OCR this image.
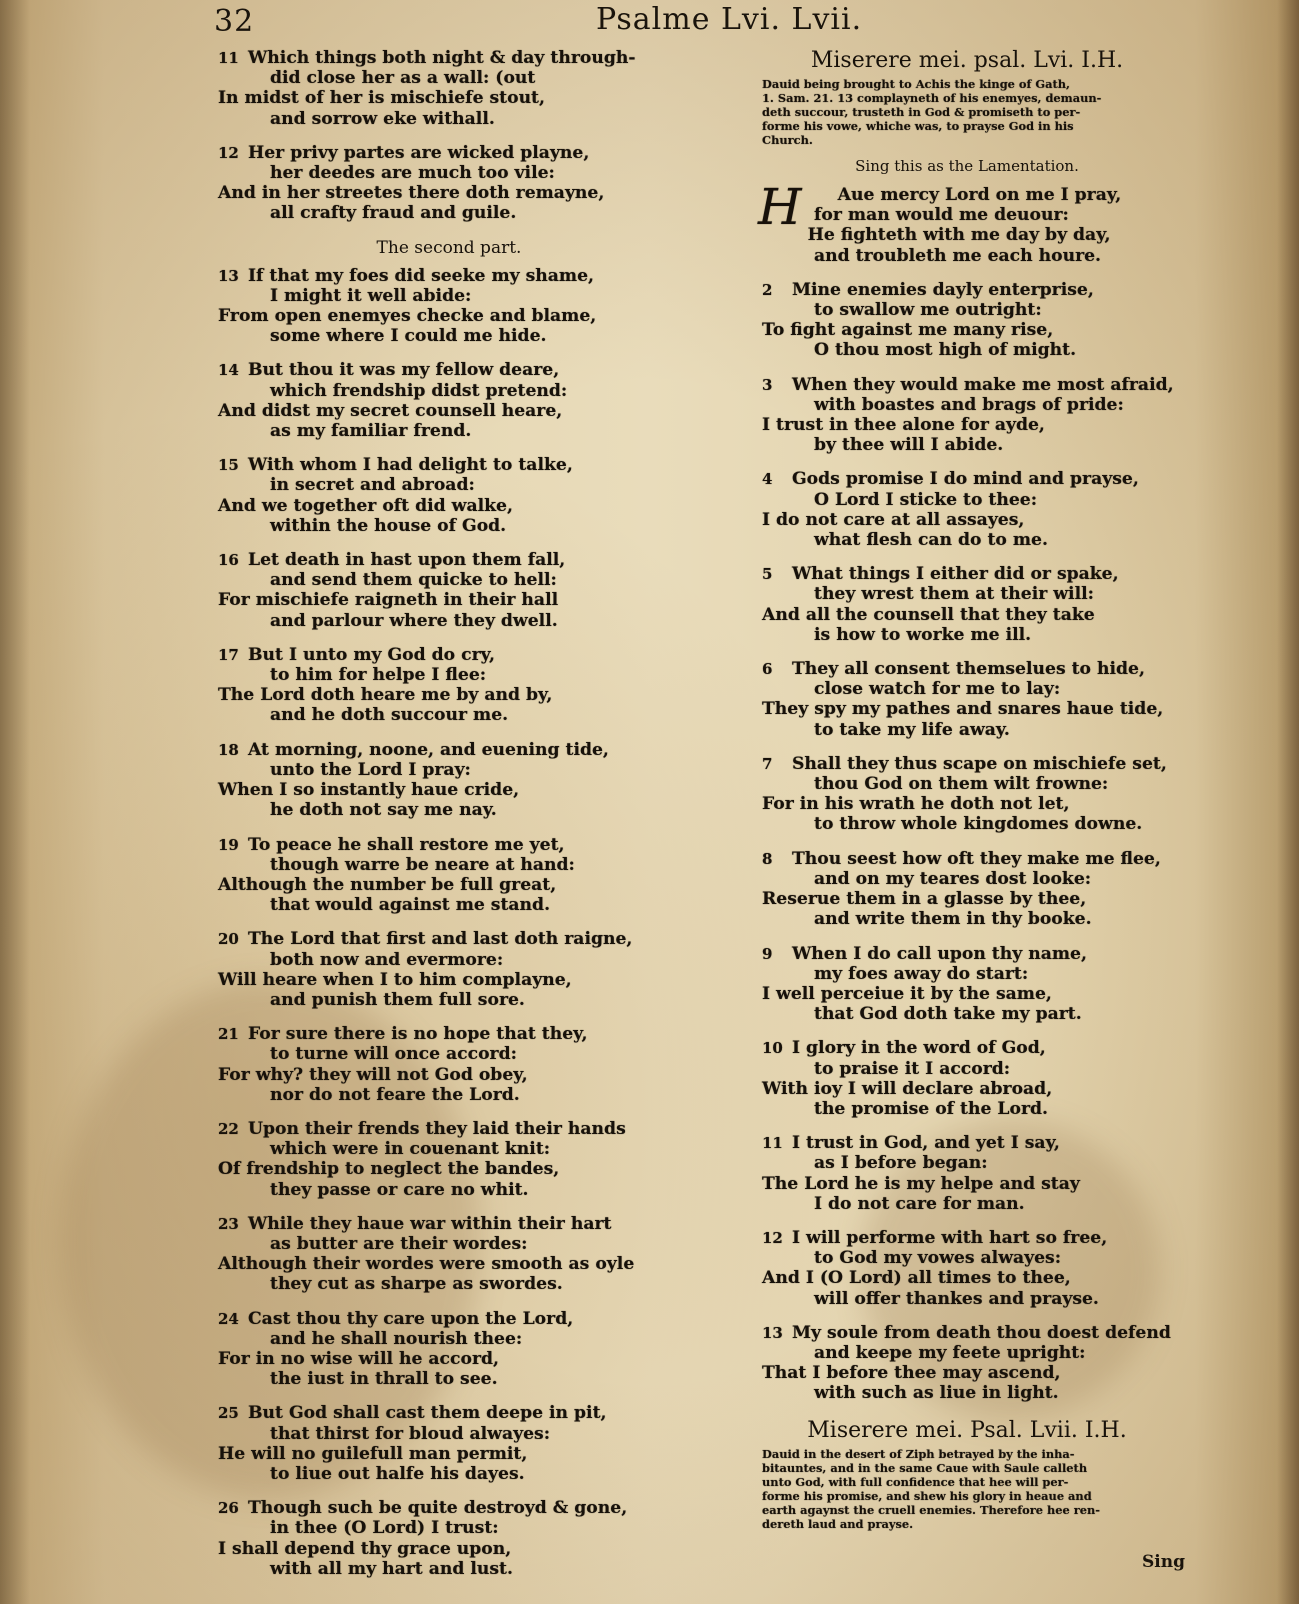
32	Psalme Lvi. Lvii.
11 Which things both night & day through-
did close her as a wall: (out
In midst of her is mischiefe stout,
and sorrow eke withall.
12 Her privy partes are wicked playne,
her deedes are much too vile:
And in her streetes there doth remayne,
all crafty fraud and guile.
The second part.
13 If that my foes did seeke my shame,
I might it well abide:
From open enemyes checke and blame,
some where I could me hide.
14 But thou it was my fellow deare,
which frendship didst pretend:
And didst my secret counsell heare,
as my familiar frend.
15 With whom I had delight to talke,
in secret and abroad:
And we together oft did walke,
within the house of God.
16 Let death in hast upon them fall,
and send them quicke to hell:
For mischiefe raigneth in their hall
and parlour where they dwell.
17 But I unto my God do cry,
to him for helpe I flee:
The Lord doth heare me by and by,
and he doth succour me.
18 At morning, noone, and euening tide,
unto the Lord I pray:
When I so instantly haue cride,
he doth not say me nay.
19 To peace he shall restore me yet,
though warre be neare at hand:
Although the number be full great,
that would against me stand.
20 The Lord that first and last doth raigne,
both now and evermore:
Will heare when I to him complayne,
and punish them full sore.
21 For sure there is no hope that they,
to turne will once accord:
For why? they will not God obey,
nor do not feare the Lord.
22 Upon their frends they laid their hands
which were in couenant knit:
Of frendship to neglect the bandes,
they passe or care no whit.
23 While they haue war within their hart
as butter are their wordes:
Although their wordes were smooth as oyle
they cut as sharpe as swordes.
24 Cast thou thy care upon the Lord,
and he shall nourish thee:
For in no wise will he accord,
the iust in thrall to see.
25 But God shall cast them deepe in pit,
that thirst for bloud alwayes:
He will no guilefull man permit,
to liue out halfe his dayes.
26 Though such be quite destroyd & gone,
in thee (O Lord) I trust:
I shall depend thy grace upon,
with all my hart and lust.
Miserere mei. psal. Lvi. I.H.
Dauid being brought to Achis the kinge of Gath,
1. Sam. 21. 13 complayneth of his enemyes, demaun-
deth succour, trusteth in God & promiseth to per-
forme his vowe, whiche was, to prayse God in his
Church.
Sing this as the Lamentation.
H Aue mercy Lord on me I pray,
for man would me deuour:
He fighteth with me day by day,
and troubleth me each houre.
2 Mine enemies dayly enterprise,
to swallow me outright:
To fight against me many rise,
O thou most high of might.
3 When they would make me most afraid,
with boastes and brags of pride:
I trust in thee alone for ayde,
by thee will I abide.
4 Gods promise I do mind and prayse,
O Lord I sticke to thee:
I do not care at all assayes,
what flesh can do to me.
5 What things I either did or spake,
they wrest them at their will:
And all the counsell that they take
is how to worke me ill.
6 They all consent themselues to hide,
close watch for me to lay:
They spy my pathes and snares haue tide,
to take my life away.
7 Shall they thus scape on mischiefe set,
thou God on them wilt frowne:
For in his wrath he doth not let,
to throw whole kingdomes downe.
8 Thou seest how oft they make me flee,
and on my teares dost looke:
Reserue them in a glasse by thee,
and write them in thy booke.
9 When I do call upon thy name,
my foes away do start:
I well perceiue it by the same,
that God doth take my part.
10 I glory in the word of God,
to praise it I accord:
With ioy I will declare abroad,
the promise of the Lord.
11 I trust in God, and yet I say,
as I before began:
The Lord he is my helpe and stay
I do not care for man.
12 I will performe with hart so free,
to God my vowes alwayes:
And I (O Lord) all times to thee,
will offer thankes and prayse.
13 My soule from death thou doest defend
and keepe my feete upright:
That I before thee may ascend,
with such as liue in light.
Miserere mei. Psal. Lvii. I.H.
Dauid in the desert of Ziph betrayed by the inha-
bitauntes, and in the same Caue with Saule calleth
unto God, with full confidence that hee will per-
forme his promise, and shew his glory in heaue and
earth agaynst the cruell enemies. Therefore hee ren-
dereth laud and prayse.
Sing
